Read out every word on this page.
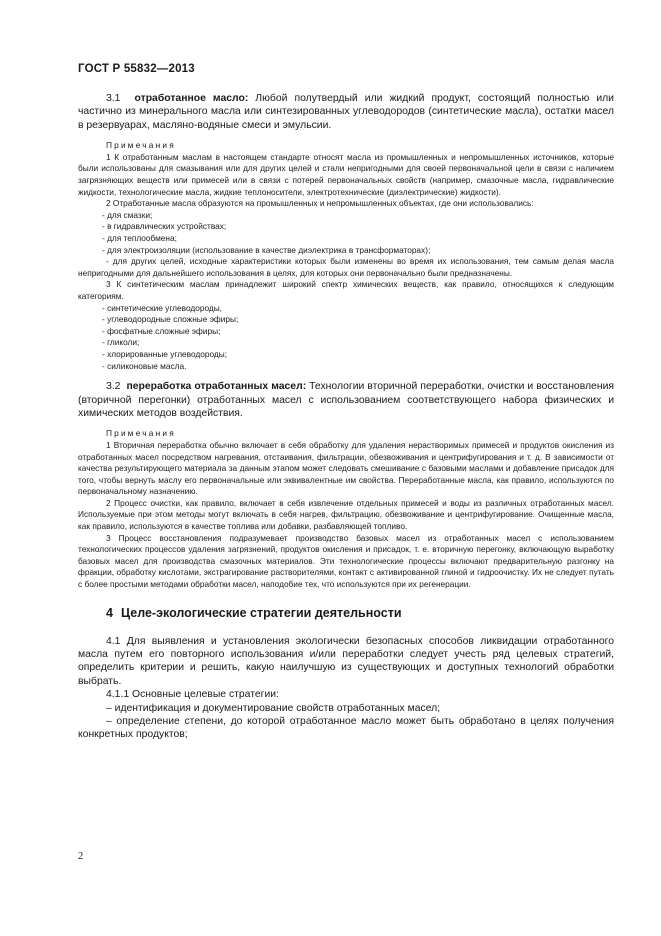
ГОСТ Р 55832—2013

3.1 отработанное масло: Любой полутвердый или жидкий продукт, состоящий полностью или частично из минерального масла или синтезированных углеводородов (синтетические масла), остатки масел в резервуарах, масляно-водяные смеси и эмульсии.

Примечания

1 К отработанным маслам в настоящем стандарте относят масла из промышленных и непромышленных источников, которые были использованы для смазывания или для других целей и стали непригодными для своей первоначальной цели в связи с наличием загрязняющих веществ или примесей или в связи с потерей первоначальных свойств (например, смазочные масла, гидравлические жидкости, технологические масла, жидкие теплоносители, электротехнические (диэлектрические) жидкости).

2 Отработанные масла образуются на промышленных и непромышленных объектах, где они использовались:

- для смазки;

- в гидравлических устройствах;

- для теплообмена;

- для электроизоляции (использование в качестве диэлектрика в трансформаторах);

- для других целей, исходные характеристики которых были изменены во время их использования, тем самым делая масла непригодными для дальнейшего использования в целях, для которых они первоначально были предназначены.

3 К синтетическим маслам принадлежит широкий спектр химических веществ, как правило, относящихся к следующим категориям.

- синтетические углеводороды,

- углеводородные сложные эфиры;

- фосфатные сложные эфиры;

- гликоли;

- хлорированные углеводороды;

- силиконовые масла.

3.2 переработка отработанных масел: Технологии вторичной переработки, очистки и восстановления (вторичной перегонки) отработанных масел с использованием соответствующего набора физических и химических методов воздействия.

Примечания

1 Вторичная переработка обычно включает в себя обработку для удаления нерастворимых примесей и продуктов окисления из отработанных масел посредством нагревания, отстаивания, фильтрации, обезвоживания и центрифугирования и т. д. В зависимости от качества результирующего материала за данным этапом может следовать смешивание с базовыми маслами и добавление присадок для того, чтобы вернуть маслу его первоначальные или эквивалентные им свойства. Переработанные масла, как правило, используются по первоначальному назначению.

2 Процесс очистки, как правило, включает в себя извлечение отдельных примесей и воды из различных отработанных масел. Используемые при этом методы могут включать в себя нагрев, фильтрацию, обезвоживание и центрифугирование. Очищенные масла, как правило, используются в качестве топлива или добавки, разбавляющей топливо.

3 Процесс восстановления подразумевает производство базовых масел из отработанных масел с использованием технологических процессов удаления загрязнений, продуктов окисления и присадок, т. е. вторичную перегонку, включающую выработку базовых масел для производства смазочных материалов. Эти технологические процессы включают предварительную разгонку на фракции, обработку кислотами, экстрагирование растворителями, контакт с активированной глиной и гидроочистку. Их не следует путать с более простыми методами обработки масел, наподобие тех, что используются при их регенерации.

4 Целе-экологические стратегии деятельности

4.1 Для выявления и установления экологически безопасных способов ликвидации отработанного масла путем его повторного использования и/или переработки следует учесть ряд целевых стратегий, определить критерии и решить, какую наилучшую из существующих и доступных технологий обработки выбрать.

4.1.1 Основные целевые стратегии:

– идентификация и документирование свойств отработанных масел;

– определение степени, до которой отработанное масло может быть обработано в целях получения конкретных продуктов;

2
